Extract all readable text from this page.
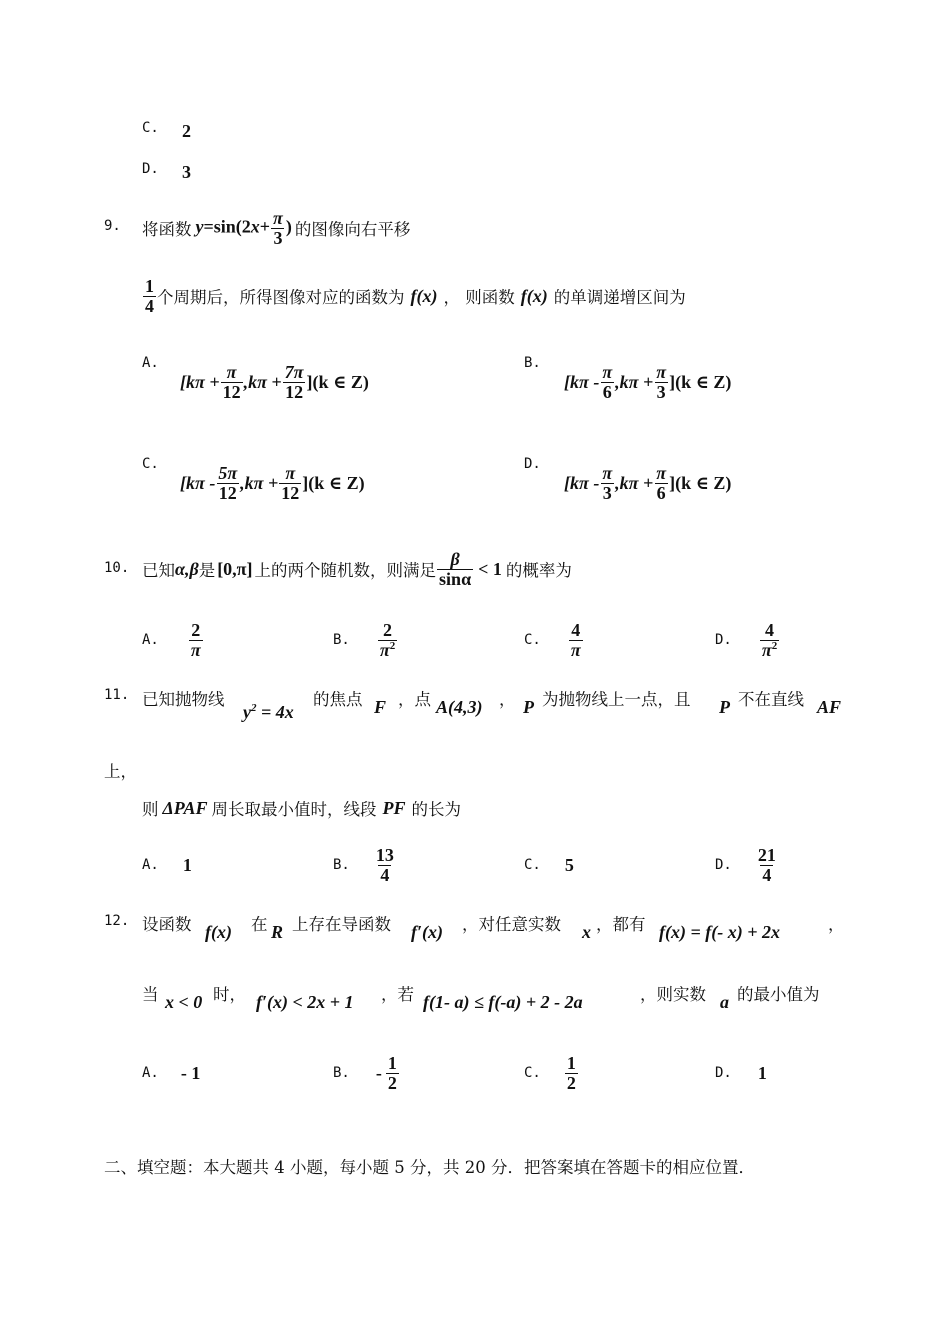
C. 2
D. 3
9. 将函数 $y=\sin(2x+ \frac{\pi}{3}$ ) 的图像向右平移
$\frac{1}{4}$ 个周期后，所得图像对应的函数为 f(x) ， 则函数 f(x) 的单调递增区间为
A.
$[k\pi + \frac{\pi}{12} ,k\pi + \frac{7\pi}{12} ](k$ ∈ Z)
B.
$[k\pi - \frac{\pi}{6} ,k\pi + \frac{\pi}{3} ](k$ ∈ Z)
C.
$[k\pi - \frac{5\pi}{12} ,k\pi + \frac{\pi}{12} ](k$ ∈ Z)
D.
$[k\pi - \frac{\pi}{3} ,k\pi + \frac{\pi}{6} ](k$ ∈ Z)
10. 已知 α,β 是 [0,π] 上的两个随机数，则满足 $\frac{\beta}{\sin\alpha} < 1$ 的概率为
A. $\frac{2}{\pi}$	B. $\frac{2}{\pi^2}$	C. $\frac{4}{\pi}$	D. $\frac{4}{\pi^2}$
11. 已知抛物线
$y^2 = 4x$
的焦点 F ，点 A(4,3) ， P 为抛物线上一点，且 P 不在直线 AF
上，
则 ΔPAF 周长取最小值时，线段 PF 的长为
A. 1	B. $\frac{13}{4}$	C. 5	D. $\frac{21}{4}$
12. 设函数 f(x) 在 R 上存在导函数 f′(x) ，对任意实数 x ，都有 f(x) = f(- x) + 2x	，
当 x < 0 时， f′(x) < 2x + 1 ，若 f(1- a) ≤ f(-a) + 2 - 2a	，则实数 a 的最小值为
A. - 1	B. - $\frac{1}{2}$	C. $\frac{1}{2}$	D. 1
二、填空题：本大题共 4 小题，每小题 5 分，共 20 分．把答案填在答题卡的相应位置．
